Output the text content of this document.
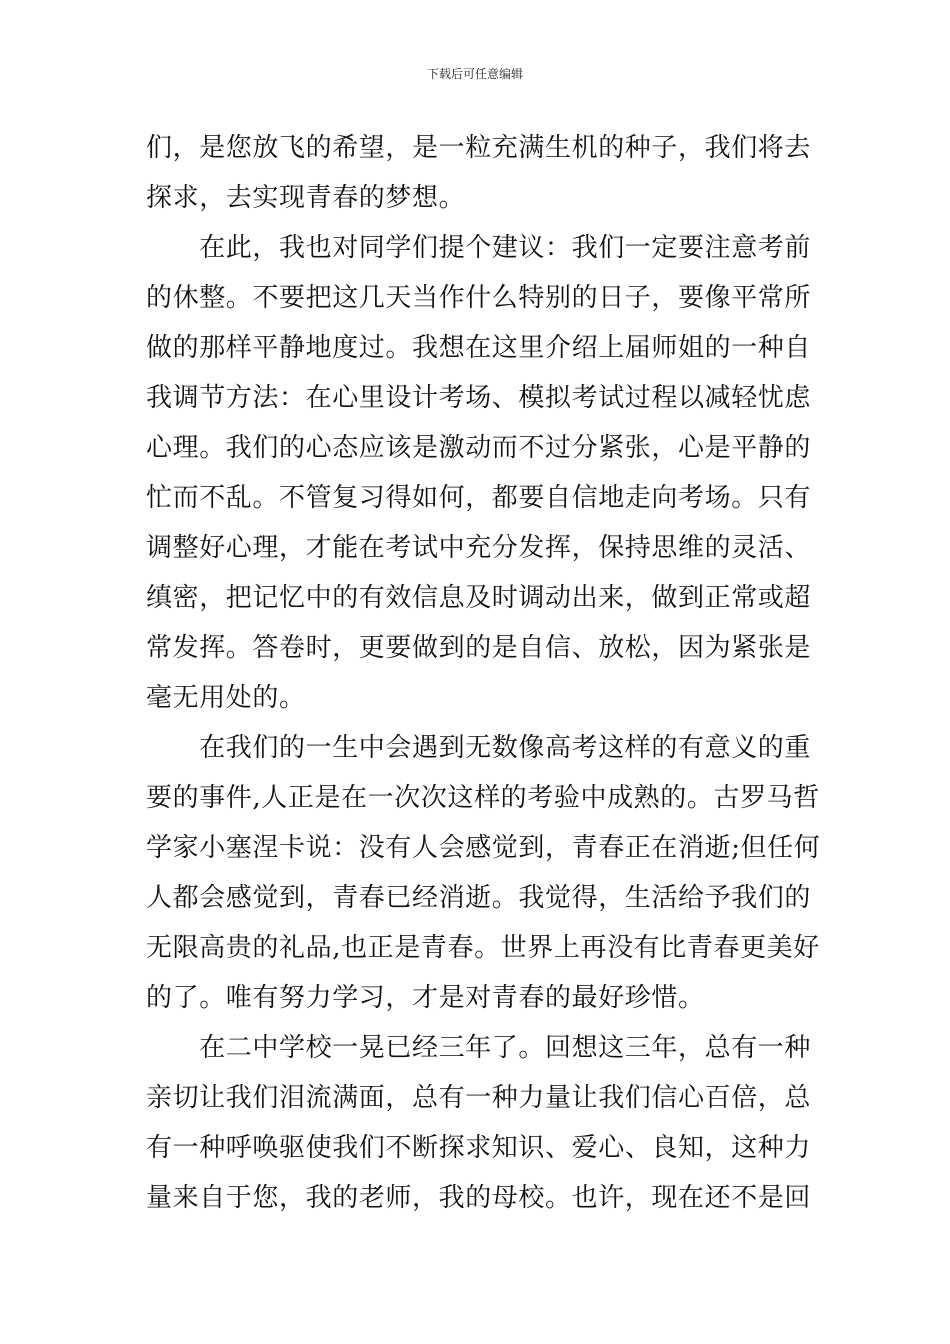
下载后可任意编辑
们，是您放飞的希望，是一粒充满生机的种子，我们将去
探求，去实现青春的梦想。
　　在此，我也对同学们提个建议：我们一定要注意考前
的休整。不要把这几天当作什么特别的日子，要像平常所
做的那样平静地度过。我想在这里介绍上届师姐的一种自
我调节方法：在心里设计考场、模拟考试过程以减轻忧虑
心理。我们的心态应该是激动而不过分紧张，心是平静的
忙而不乱。不管复习得如何，都要自信地走向考场。只有
调整好心理，才能在考试中充分发挥，保持思维的灵活、
缜密，把记忆中的有效信息及时调动出来，做到正常或超
常发挥。答卷时，更要做到的是自信、放松，因为紧张是
毫无用处的。
　　在我们的一生中会遇到无数像高考这样的有意义的重
要的事件,人正是在一次次这样的考验中成熟的。古罗马哲
学家小塞涅卡说：没有人会感觉到，青春正在消逝;但任何
人都会感觉到，青春已经消逝。我觉得，生活给予我们的
无限高贵的礼品,也正是青春。世界上再没有比青春更美好
的了。唯有努力学习，才是对青春的最好珍惜。
　　在二中学校一晃已经三年了。回想这三年，总有一种
亲切让我们泪流满面，总有一种力量让我们信心百倍，总
有一种呼唤驱使我们不断探求知识、爱心、良知，这种力
量来自于您，我的老师，我的母校。也许，现在还不是回
